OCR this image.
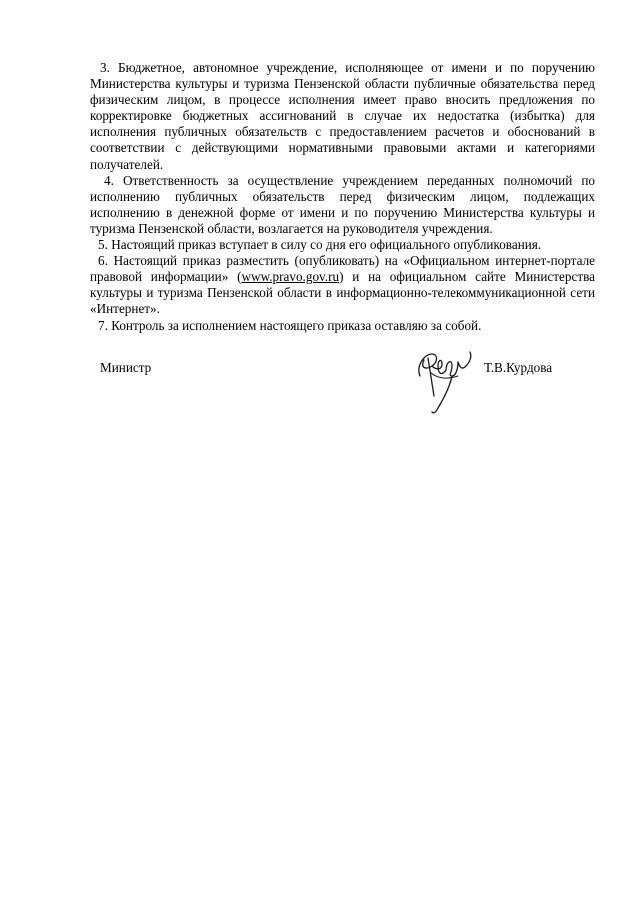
3. Бюджетное, автономное учреждение, исполняющее от имени и по поручению Министерства культуры и туризма Пензенской области публичные обязательства перед физическим лицом, в процессе исполнения имеет право вносить предложения по корректировке бюджетных ассигнований в случае их недостатка (избытка) для исполнения публичных обязательств с предоставлением расчетов и обоснований в соответствии с действующими нормативными правовыми актами и категориями получателей.

4. Ответственность за осуществление учреждением переданных полномочий по исполнению публичных обязательств перед физическим лицом, подлежащих исполнению в денежной форме от имени и по поручению Министерства культуры и туризма Пензенской области, возлагается на руководителя учреждения.

5. Настоящий приказ вступает в силу со дня его официального опубликования.

6. Настоящий приказ разместить (опубликовать) на «Официальном интернет-портале правовой информации» (www.pravo.gov.ru) и на официальном сайте Министерства культуры и туризма Пензенской области в информационно-телекоммуникационной сети «Интернет».

7. Контроль за исполнением настоящего приказа оставляю за собой.

Министр	Т.В.Курдова
